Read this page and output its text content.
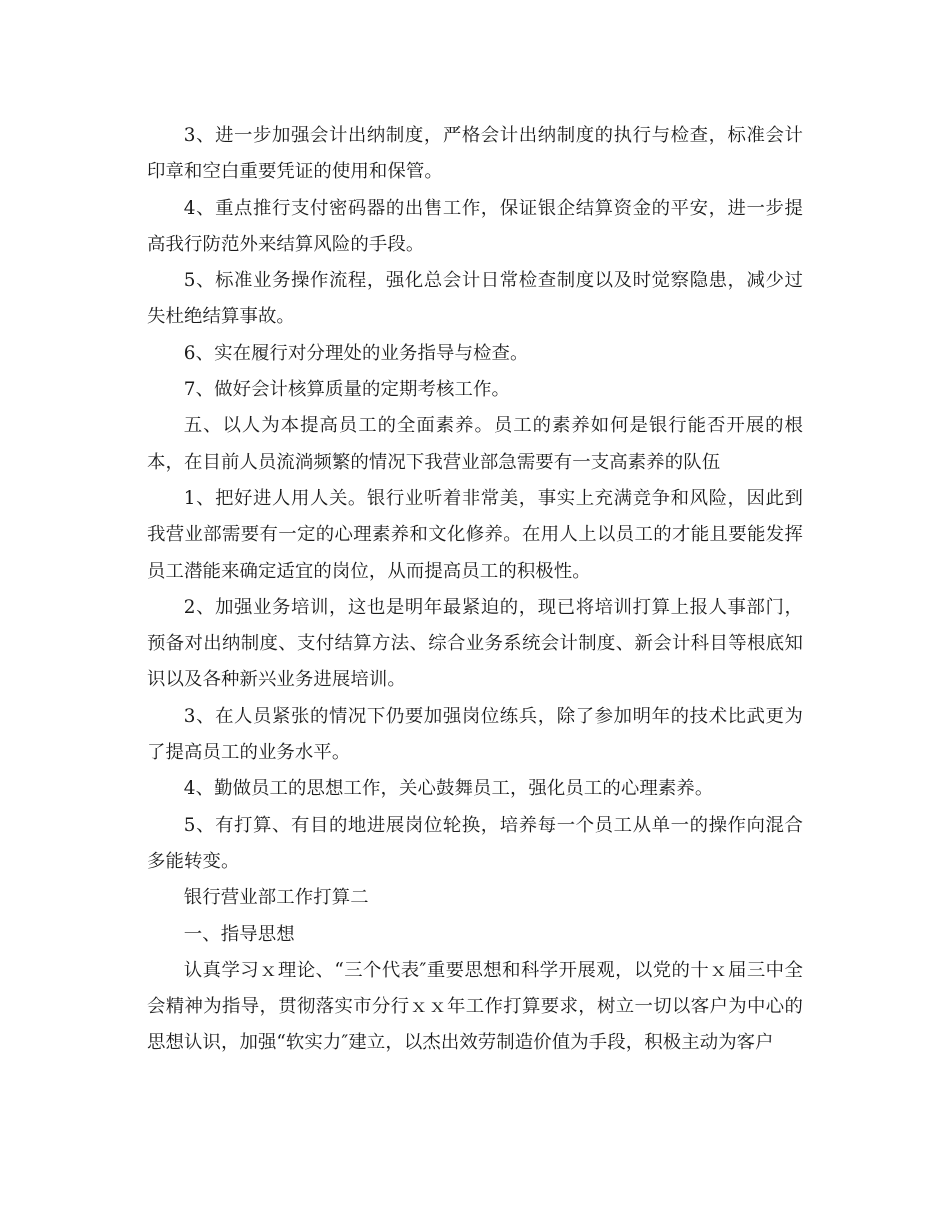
3、进一步加强会计出纳制度，严格会计出纳制度的执行与检查，标准会计印章和空白重要凭证的使用和保管。

4、重点推行支付密码器的出售工作，保证银企结算资金的平安，进一步提高我行防范外来结算风险的手段。

5、标准业务操作流程，强化总会计日常检查制度以及时觉察隐患，减少过失杜绝结算事故。

6、实在履行对分理处的业务指导与检查。

7、做好会计核算质量的定期考核工作。

五、以人为本提高员工的全面素养。员工的素养如何是银行能否开展的根本，在目前人员流淌频繁的情况下我营业部急需要有一支高素养的队伍

1、把好进人用人关。银行业听着非常美，事实上充满竞争和风险，因此到我营业部需要有一定的心理素养和文化修养。在用人上以员工的才能且要能发挥员工潜能来确定适宜的岗位，从而提高员工的积极性。

2、加强业务培训，这也是明年最紧迫的，现已将培训打算上报人事部门，预备对出纳制度、支付结算方法、综合业务系统会计制度、新会计科目等根底知识以及各种新兴业务进展培训。

3、在人员紧张的情况下仍要加强岗位练兵，除了参加明年的技术比武更为了提高员工的业务水平。

4、勤做员工的思想工作，关心鼓舞员工，强化员工的心理素养。

5、有打算、有目的地进展岗位轮换，培养每一个员工从单一的操作向混合多能转变。

银行营业部工作打算二

一、指导思想

认真学习ｘ理论、“三个代表″重要思想和科学开展观，以党的十ｘ届三中全会精神为指导，贯彻落实市分行ｘｘ年工作打算要求，树立一切以客户为中心的思想认识，加强“软实力″建立，以杰出效劳制造价值为手段，积极主动为客户
